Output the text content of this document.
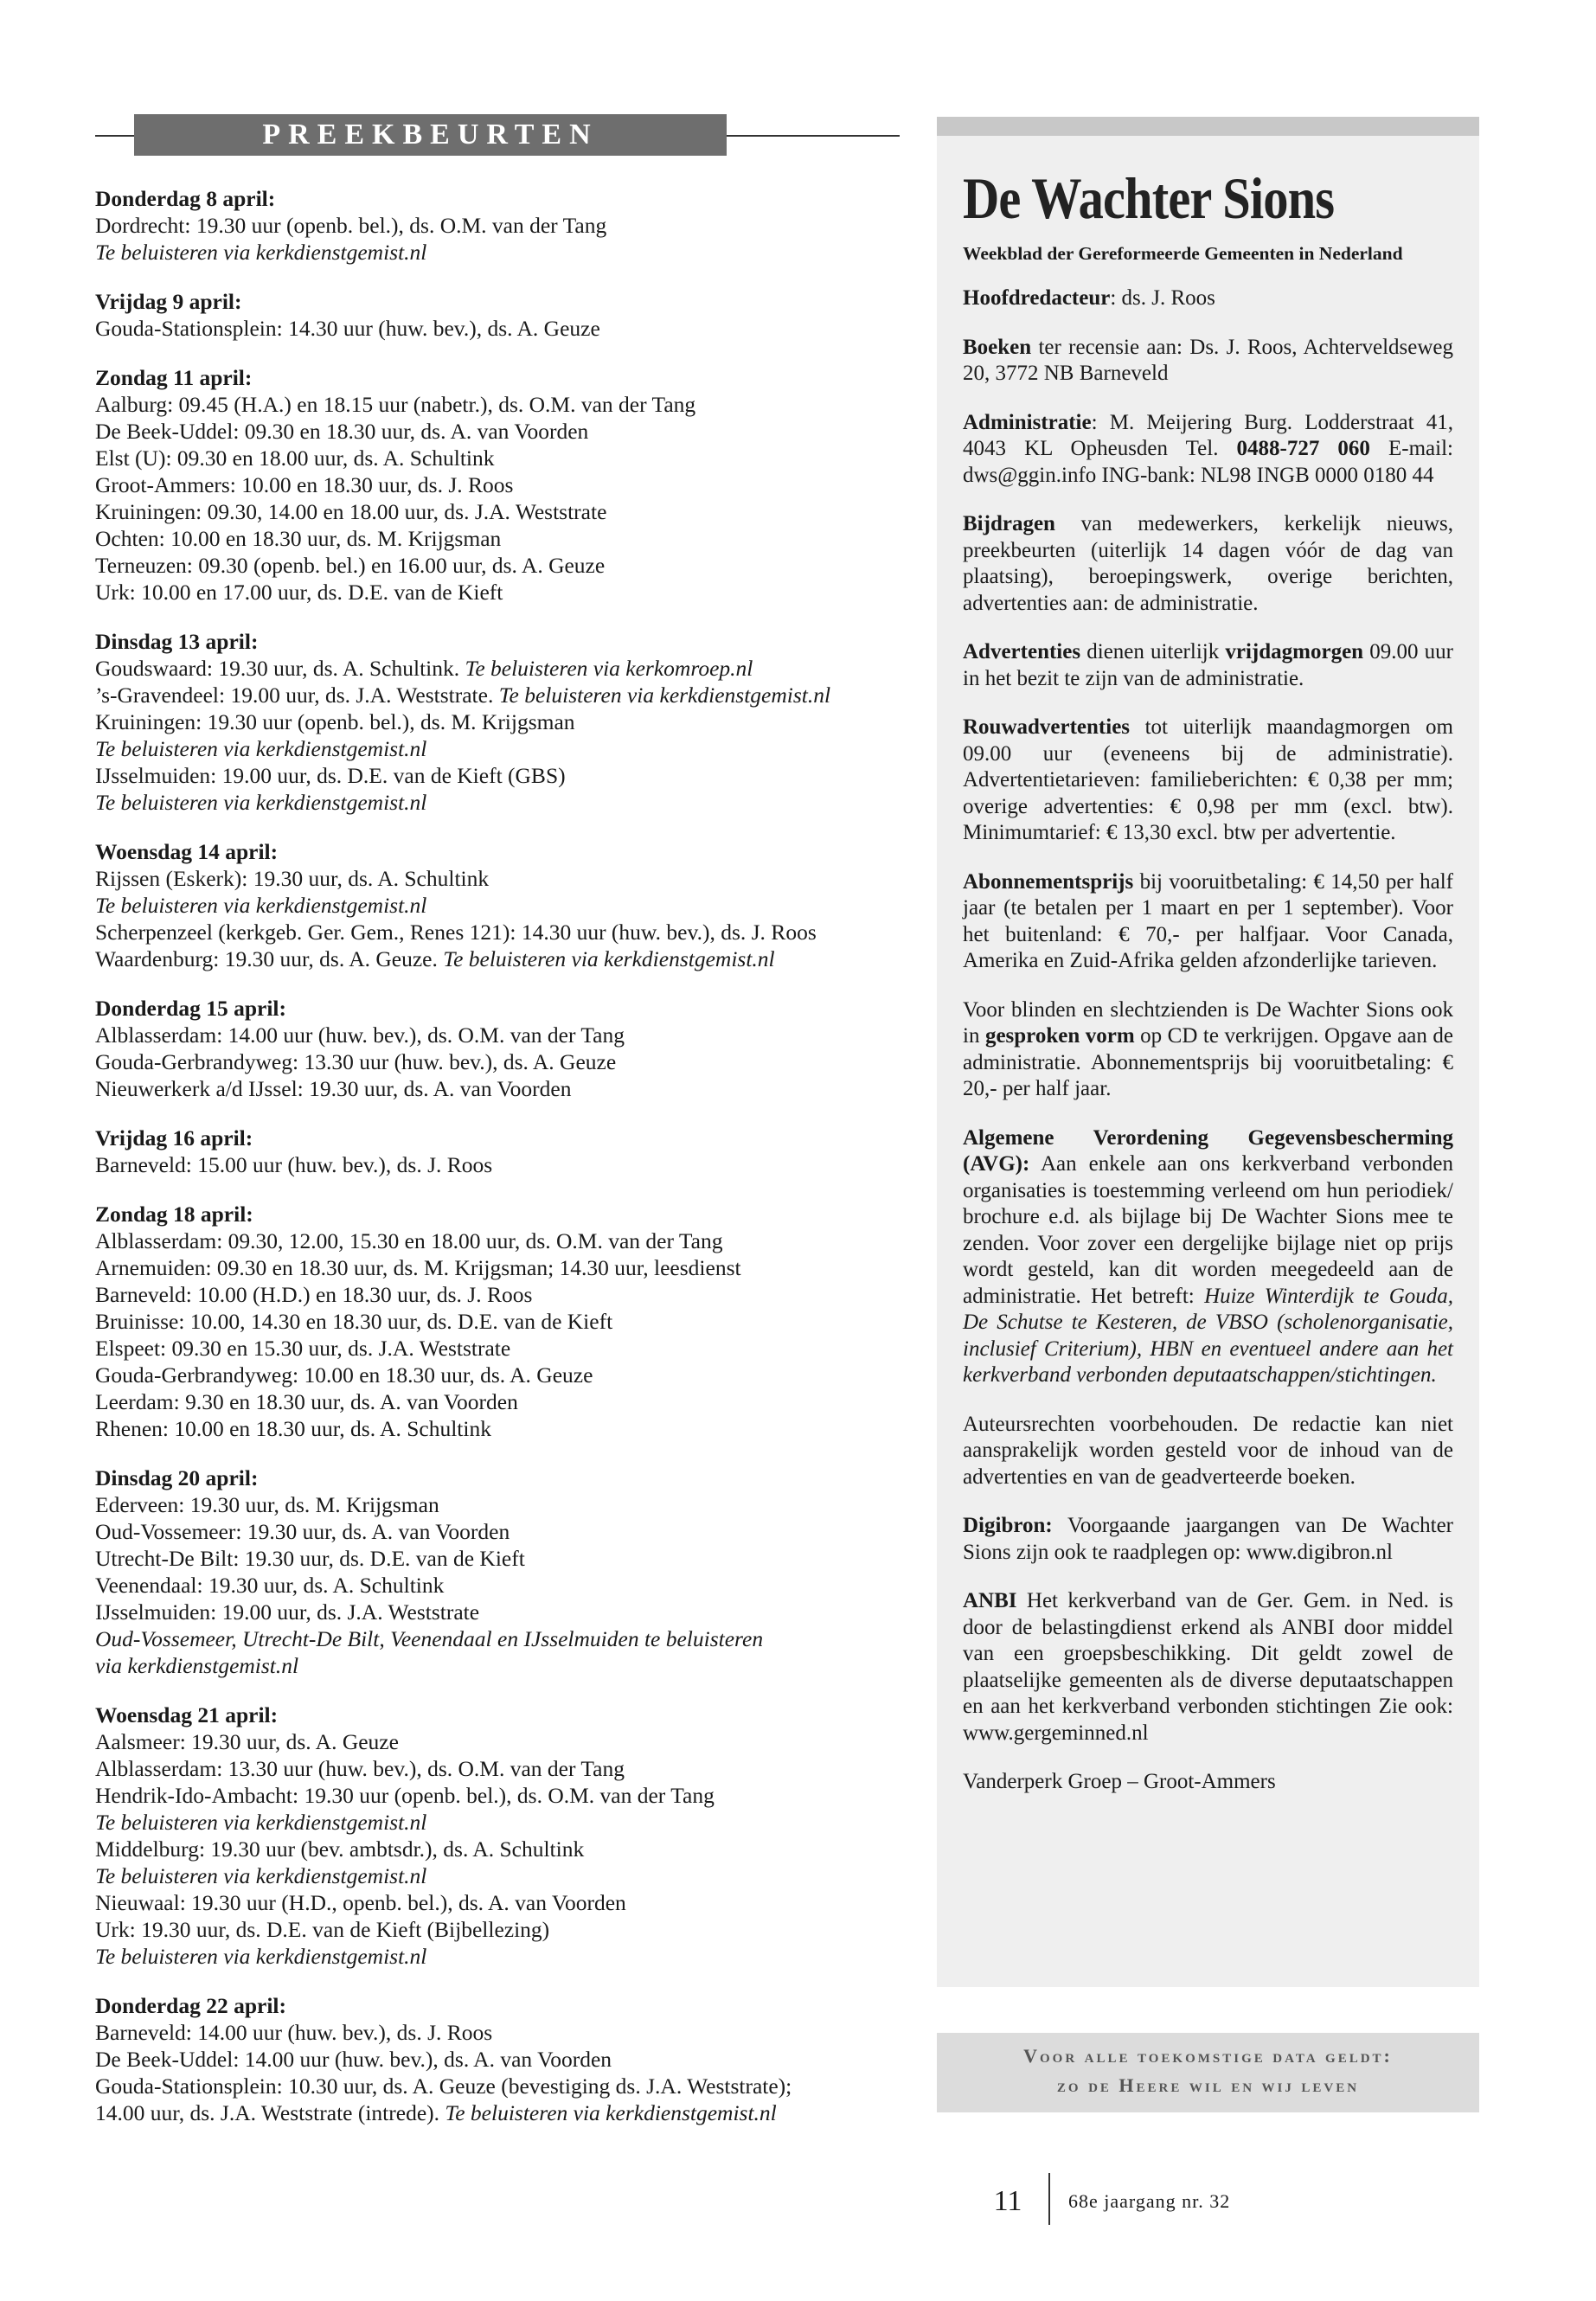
PREEKBEURTEN
Donderdag 8 april:
Dordrecht: 19.30 uur (openb. bel.), ds. O.M. van der Tang
Te beluisteren via kerkdienstgemist.nl
Vrijdag 9 april:
Gouda-Stationsplein: 14.30 uur (huw. bev.), ds. A. Geuze
Zondag 11 april:
Aalburg: 09.45 (H.A.) en 18.15 uur (nabetr.), ds. O.M. van der Tang
De Beek-Uddel: 09.30 en 18.30 uur, ds. A. van Voorden
Elst (U): 09.30 en 18.00 uur, ds. A. Schultink
Groot-Ammers: 10.00 en 18.30 uur, ds. J. Roos
Kruiningen: 09.30, 14.00 en 18.00 uur, ds. J.A. Weststrate
Ochten: 10.00 en 18.30 uur, ds. M. Krijgsman
Terneuzen: 09.30 (openb. bel.) en 16.00 uur, ds. A. Geuze
Urk: 10.00 en 17.00 uur, ds. D.E. van de Kieft
Dinsdag 13 april:
Goudswaard: 19.30 uur, ds. A. Schultink. Te beluisteren via kerkomroep.nl
’s-Gravendeel: 19.00 uur, ds. J.A. Weststrate. Te beluisteren via kerkdienstgemist.nl
Kruiningen: 19.30 uur (openb. bel.), ds. M. Krijgsman
Te beluisteren via kerkdienstgemist.nl
IJsselmuiden: 19.00 uur, ds. D.E. van de Kieft (GBS)
Te beluisteren via kerkdienstgemist.nl
Woensdag 14 april:
Rijssen (Eskerk): 19.30 uur, ds. A. Schultink
Te beluisteren via kerkdienstgemist.nl
Scherpenzeel (kerkgeb. Ger. Gem., Renes 121): 14.30 uur (huw. bev.), ds. J. Roos
Waardenburg: 19.30 uur, ds. A. Geuze. Te beluisteren via kerkdienstgemist.nl
Donderdag 15 april:
Alblasserdam: 14.00 uur (huw. bev.), ds. O.M. van der Tang
Gouda-Gerbrandyweg: 13.30 uur (huw. bev.), ds. A. Geuze
Nieuwerkerk a/d IJssel: 19.30 uur, ds. A. van Voorden
Vrijdag 16 april:
Barneveld: 15.00 uur (huw. bev.), ds. J. Roos
Zondag 18 april:
Alblasserdam: 09.30, 12.00, 15.30 en 18.00 uur, ds. O.M. van der Tang
Arnemuiden: 09.30 en 18.30 uur, ds. M. Krijgsman; 14.30 uur, leesdienst
Barneveld: 10.00 (H.D.) en 18.30 uur, ds. J. Roos
Bruinisse: 10.00, 14.30 en 18.30 uur, ds. D.E. van de Kieft
Elspeet: 09.30 en 15.30 uur, ds. J.A. Weststrate
Gouda-Gerbrandyweg: 10.00 en 18.30 uur, ds. A. Geuze
Leerdam: 9.30 en 18.30 uur, ds. A. van Voorden
Rhenen: 10.00 en 18.30 uur, ds. A. Schultink
Dinsdag 20 april:
Ederveen: 19.30 uur, ds. M. Krijgsman
Oud-Vossemeer: 19.30 uur, ds. A. van Voorden
Utrecht-De Bilt: 19.30 uur, ds. D.E. van de Kieft
Veenendaal: 19.30 uur, ds. A. Schultink
IJsselmuiden: 19.00 uur, ds. J.A. Weststrate
Oud-Vossemeer, Utrecht-De Bilt, Veenendaal en IJsselmuiden te beluisteren
via kerkdienstgemist.nl
Woensdag 21 april:
Aalsmeer: 19.30 uur, ds. A. Geuze
Alblasserdam: 13.30 uur (huw. bev.), ds. O.M. van der Tang
Hendrik-Ido-Ambacht: 19.30 uur (openb. bel.), ds. O.M. van der Tang
Te beluisteren via kerkdienstgemist.nl
Middelburg: 19.30 uur (bev. ambtsdr.), ds. A. Schultink
Te beluisteren via kerkdienstgemist.nl
Nieuwaal: 19.30 uur (H.D., openb. bel.), ds. A. van Voorden
Urk: 19.30 uur, ds. D.E. van de Kieft (Bijbellezing)
Te beluisteren via kerkdienstgemist.nl
Donderdag 22 april:
Barneveld: 14.00 uur (huw. bev.), ds. J. Roos
De Beek-Uddel: 14.00 uur (huw. bev.), ds. A. van Voorden
Gouda-Stationsplein: 10.30 uur, ds. A. Geuze (bevestiging ds. J.A. Weststrate);
14.00 uur, ds. J.A. Weststrate (intrede). Te beluisteren via kerkdienstgemist.nl
De Wachter Sions
Weekblad der Gereformeerde Gemeenten in Nederland

Hoofdredacteur: ds. J. Roos

Boeken ter recensie aan: Ds. J. Roos, Achterveldseweg 20, 3772 NB Barneveld

Administratie: M. Meijering Burg. Lodderstraat 41, 4043 KL Opheusden Tel. 0488-727 060 E-mail: dws@ggin.info ING-bank: NL98 INGB 0000 0180 44

Bijdragen van medewerkers, kerkelijk nieuws, preekbeurten (uiterlijk 14 dagen vóór de dag van plaatsing), beroepingswerk, overige berichten, advertenties aan: de administratie.

Advertenties dienen uiterlijk vrijdagmorgen 09.00 uur in het bezit te zijn van de administratie.

Rouwadvertenties tot uiterlijk maandagmorgen om 09.00 uur (eveneens bij de administratie). Advertentietarieven: familieberichten: € 0,38 per mm; overige advertenties: € 0,98 per mm (excl. btw). Minimumtarief: € 13,30 excl. btw per advertentie.

Abonnementsprijs bij vooruitbetaling: € 14,50 per half jaar (te betalen per 1 maart en per 1 september). Voor het buitenland: € 70,- per halfjaar. Voor Canada, Amerika en Zuid-Afrika gelden afzonderlijke tarieven.

Voor blinden en slechtzienden is De Wachter Sions ook in gesproken vorm op CD te verkrijgen. Opgave aan de administratie. Abonnementsprijs bij vooruitbetaling: € 20,- per half jaar.

Algemene Verordening Gegevensbescherming (AVG): Aan enkele aan ons kerkverband verbonden organisaties is toestemming verleend om hun periodiek/ brochure e.d. als bijlage bij De Wachter Sions mee te zenden. Voor zover een dergelijke bijlage niet op prijs wordt gesteld, kan dit worden meegedeeld aan de administratie. Het betreft: Huize Winterdijk te Gouda, De Schutse te Kesteren, de VBSO (scholenorganisatie, inclusief Criterium), HBN en eventueel andere aan het kerkverband verbonden deputaatschappen/stichtingen.

Auteursrechten voorbehouden. De redactie kan niet aansprakelijk worden gesteld voor de inhoud van de advertenties en van de geadverteerde boeken.

Digibron: Voorgaande jaargangen van De Wachter Sions zijn ook te raadplegen op: www.digibron.nl

ANBI Het kerkverband van de Ger. Gem. in Ned. is door de belastingdienst erkend als ANBI door middel van een groepsbeschikking. Dit geldt zowel de plaatselijke gemeenten als de diverse deputaatschappen en aan het kerkverband verbonden stichtingen Zie ook: www.gergeminned.nl

Vanderperk Groep – Groot-Ammers

Voor alle toekomstige data geldt:
zo de Heere wil en wij leven
11	68e jaargang nr. 32
